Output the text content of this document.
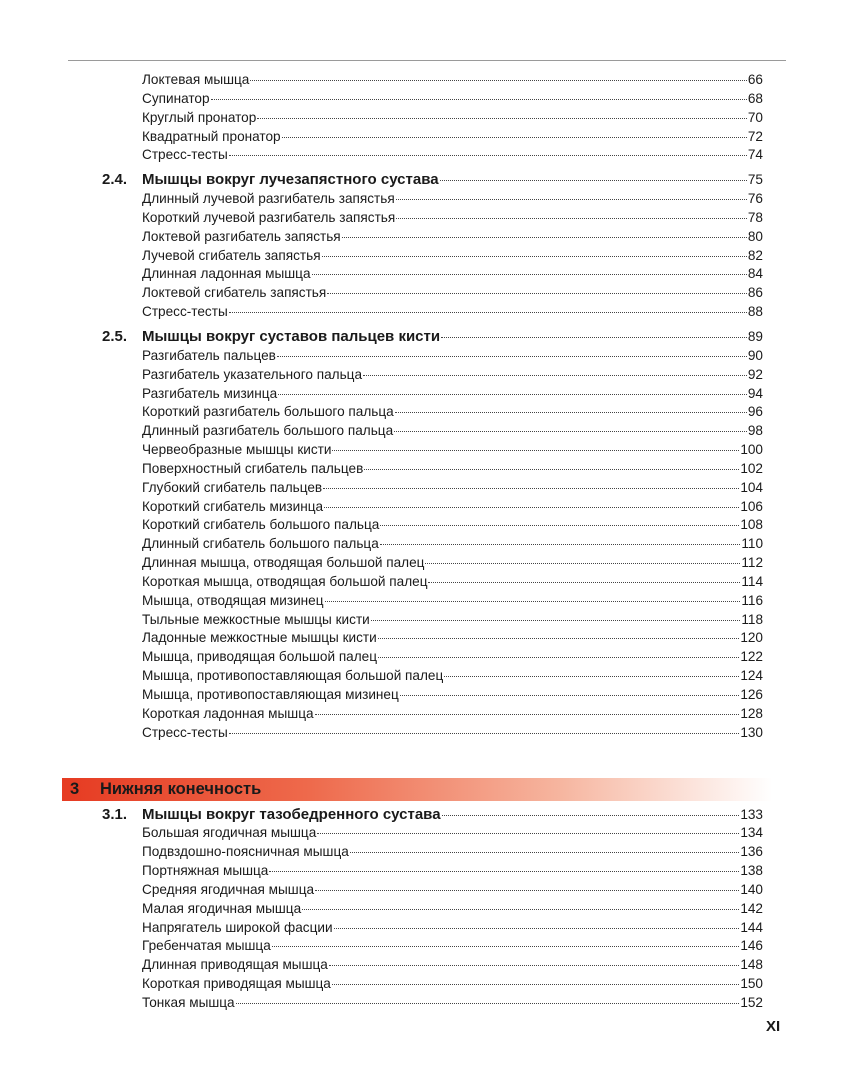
Локтевая мышца	66
Супинатор	68
Круглый пронатор	70
Квадратный пронатор	72
Стресс-тесты	74
2.4. Мышцы вокруг лучезапястного сустава	75
Длинный лучевой разгибатель запястья	76
Короткий лучевой разгибатель запястья	78
Локтевой разгибатель запястья	80
Лучевой сгибатель запястья	82
Длинная ладонная мышца	84
Локтевой сгибатель запястья	86
Стресс-тесты	88
2.5. Мышцы вокруг суставов пальцев кисти	89
Разгибатель пальцев	90
Разгибатель указательного пальца	92
Разгибатель мизинца	94
Короткий разгибатель большого пальца	96
Длинный разгибатель большого пальца	98
Червеобразные мышцы кисти	100
Поверхностный сгибатель пальцев	102
Глубокий сгибатель пальцев	104
Короткий сгибатель мизинца	106
Короткий сгибатель большого пальца	108
Длинный сгибатель большого пальца	110
Длинная мышца, отводящая большой палец	112
Короткая мышца, отводящая большой палец	114
Мышца, отводящая мизинец	116
Тыльные межкостные мышцы кисти	118
Ладонные межкостные мышцы кисти	120
Мышца, приводящая большой палец	122
Мышца, противопоставляющая большой палец	124
Мышца, противопоставляющая мизинец	126
Короткая ладонная мышца	128
Стресс-тесты	130
3 Нижняя конечность
3.1. Мышцы вокруг тазобедренного сустава	133
Большая ягодичная мышца	134
Подвздошно-поясничная мышца	136
Портняжная мышца	138
Средняя ягодичная мышца	140
Малая ягодичная мышца	142
Напрягатель широкой фасции	144
Гребенчатая мышца	146
Длинная приводящая мышца	148
Короткая приводящая мышца	150
Тонкая мышца	152
XI
